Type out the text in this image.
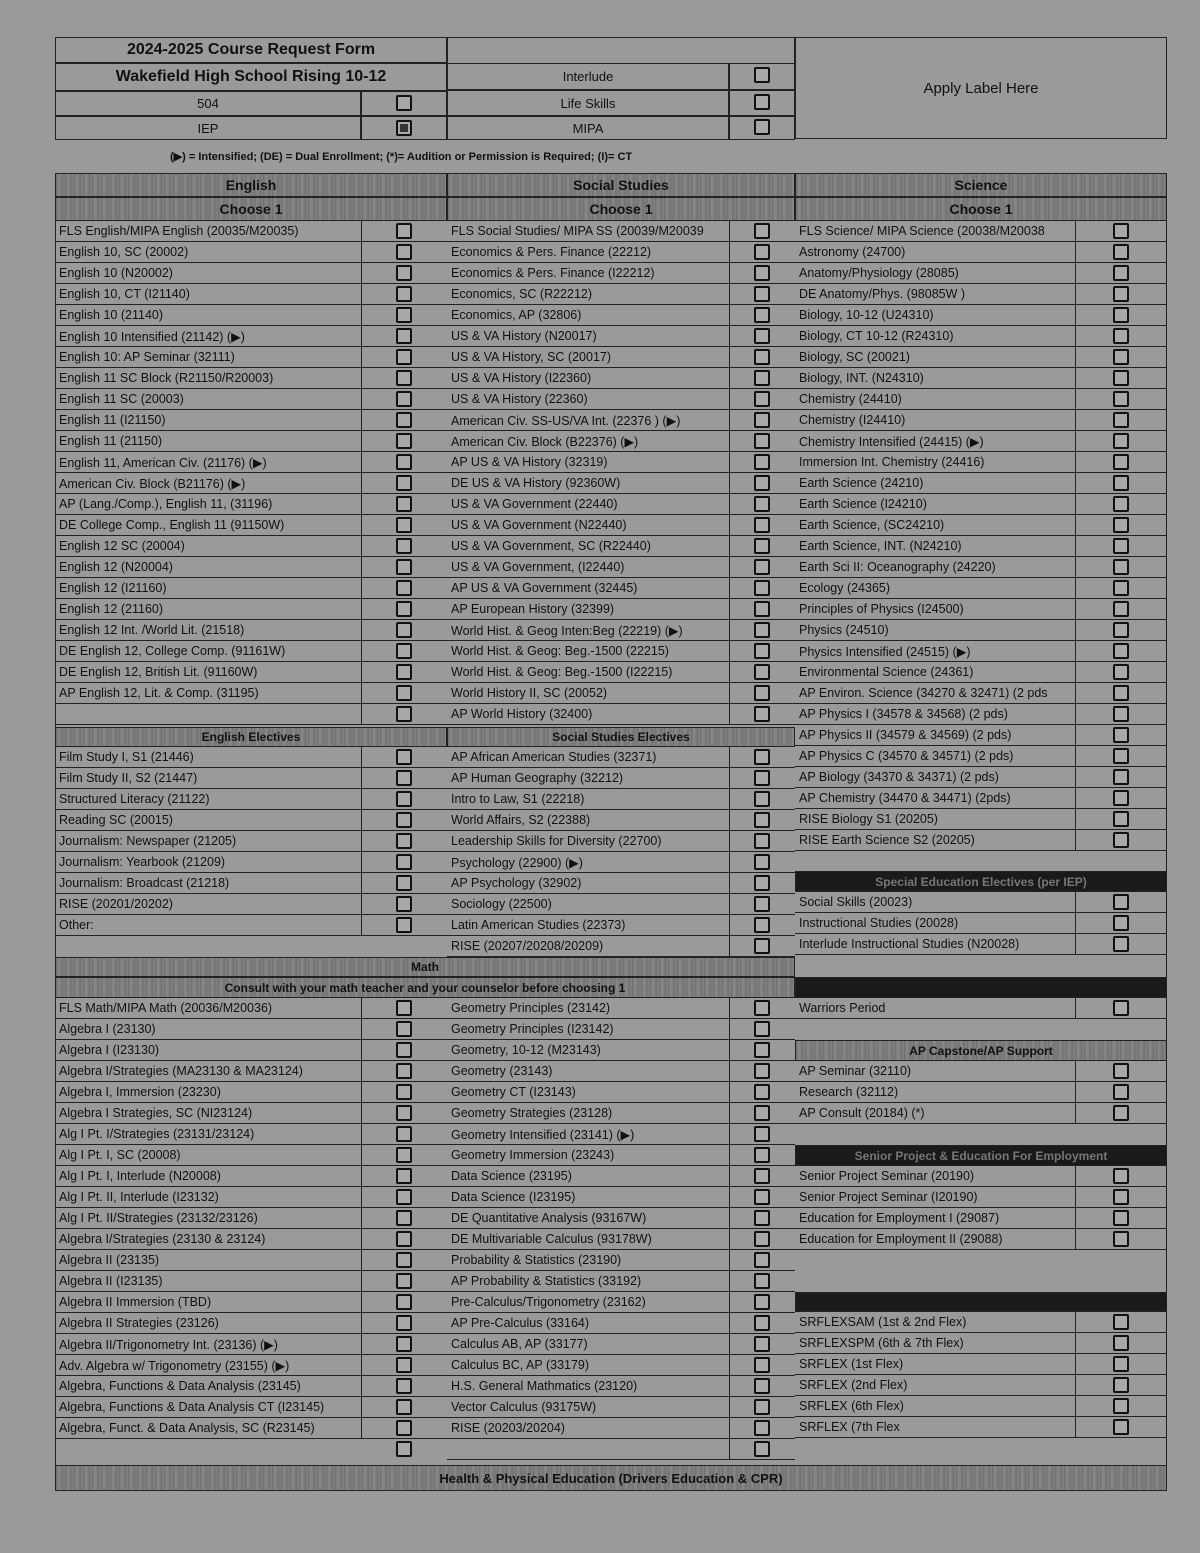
2024-2025 Course Request Form
Wakefield High School Rising 10-12
504
IEP
Interlude
Life Skills
MIPA
Apply Label Here
(▶) = Intensified; (DE) = Dual Enrollment; (*)= Audition or Permission is Required; (I)= CT
English
Choose 1
Social Studies
Choose 1
Science
Choose 1
English Electives	Social Studies Electives
Special Education Electives (per IEP)
Math
Consult with your math teacher and your counselor before choosing 1
AP Capstone/AP Support
Senior Project & Education For Employment
Health & Physical Education (Drivers Education & CPR)
FLS English/MIPA English (20035/M20035)
English 10, SC (20002)
English 10 (N20002)
English 10, CT (I21140)
English 10 (21140)
English 10 Intensified (21142) (▶)
English 10: AP Seminar (32111)
English 11 SC Block (R21150/R20003)
English 11 SC (20003)
English 11 (I21150)
English 11 (21150)
English 11, American Civ. (21176) (▶)
American Civ. Block (B21176) (▶)
AP (Lang./Comp.), English 11, (31196)
DE College Comp., English 11 (91150W)
English 12 SC (20004)
English 12 (N20004)
English 12 (I21160)
English 12 (21160)
English 12 Int. /World Lit. (21518)
DE English 12, College Comp. (91161W)
DE English 12, British Lit. (91160W)
AP English 12, Lit. & Comp. (31195)
Film Study I, S1 (21446)
Film Study II, S2 (21447)
Structured Literacy (21122)
Reading SC (20015)
Journalism: Newspaper (21205)
Journalism: Yearbook (21209)
Journalism: Broadcast (21218)
RISE (20201/20202)
Other:
FLS Social Studies/ MIPA SS (20039/M20039
Economics & Pers. Finance (22212)
Economics & Pers. Finance (I22212)
Economics, SC (R22212)
Economics, AP (32806)
US & VA History (N20017)
US & VA History, SC (20017)
US & VA History (I22360)
US & VA History (22360)
American Civ. SS-US/VA Int. (22376 ) (▶)
American Civ. Block (B22376) (▶)
AP US & VA History (32319)
DE US & VA History (92360W)
US & VA Government (22440)
US & VA Government (N22440)
US & VA Government, SC (R22440)
US & VA Government, (I22440)
AP US & VA Government (32445)
AP European History (32399)
World Hist. & Geog Inten:Beg (22219) (▶)
World Hist. & Geog: Beg.-1500 (22215)
World Hist. & Geog: Beg.-1500 (I22215)
World History II, SC (20052)
AP World History (32400)
AP African American Studies (32371)
AP Human Geography (32212)
Intro to Law, S1 (22218)
World Affairs, S2 (22388)
Leadership Skills for Diversity (22700)
Psychology (22900) (▶)
AP Psychology (32902)
Sociology (22500)
Latin American Studies (22373)
RISE (20207/20208/20209)
FLS Science/ MIPA Science (20038/M20038
Astronomy (24700)
Anatomy/Physiology (28085)
DE Anatomy/Phys. (98085W )
Biology, 10-12 (U24310)
Biology, CT 10-12 (R24310)
Biology, SC (20021)
Biology, INT. (N24310)
Chemistry (24410)
Chemistry (I24410)
Chemistry Intensified (24415) (▶)
Immersion Int. Chemistry (24416)
Earth Science (24210)
Earth Science (I24210)
Earth Science, (SC24210)
Earth Science, INT. (N24210)
Earth Sci II: Oceanography (24220)
Ecology (24365)
Principles of Physics (I24500)
Physics (24510)
Physics Intensified (24515) (▶)
Environmental Science (24361)
AP Environ. Science (34270 & 32471) (2 pds
AP Physics I (34578 & 34568) (2 pds)
AP Physics II (34579 & 34569) (2 pds)
AP Physics C (34570 & 34571) (2 pds)
AP Biology (34370 & 34371) (2 pds)
AP Chemistry (34470 & 34471) (2pds)
RISE Biology S1 (20205)
RISE Earth Science S2 (20205)
Social Skills (20023)
Instructional Studies (20028)
Interlude Instructional Studies (N20028)
Warriors Period
AP Seminar (32110)
Research (32112)
AP Consult (20184) (*)
Senior Project Seminar (20190)
Senior Project Seminar (I20190)
Education for Employment I (29087)
Education for Employment II (29088)
SRFLEXSAM (1st & 2nd Flex)
SRFLEXSPM (6th & 7th Flex)
SRFLEX (1st Flex)
SRFLEX (2nd Flex)
SRFLEX (6th Flex)
SRFLEX (7th Flex
FLS Math/MIPA Math (20036/M20036)
Algebra I (23130)
Algebra I (I23130)
Algebra I/Strategies (MA23130 & MA23124)
Algebra I, Immersion (23230)
Algebra I Strategies, SC (NI23124)
Alg I Pt. I/Strategies (23131/23124)
Alg I Pt. I, SC (20008)
Alg I Pt. I, Interlude (N20008)
Alg I Pt. II, Interlude (I23132)
Alg I Pt. II/Strategies (23132/23126)
Algebra I/Strategies (23130 & 23124)
Algebra II (23135)
Algebra II (I23135)
Algebra II Immersion (TBD)
Algebra II Strategies (23126)
Algebra II/Trigonometry Int. (23136) (▶)
Adv. Algebra w/ Trigonometry (23155) (▶)
Algebra, Functions & Data Analysis (23145)
Algebra, Functions & Data Analysis CT (I23145)
Algebra, Funct. & Data Analysis, SC (R23145)
Geometry Principles (23142)
Geometry Principles (I23142)
Geometry, 10-12 (M23143)
Geometry (23143)
Geometry CT (I23143)
Geometry Strategies (23128)
Geometry Intensified (23141) (▶)
Geometry Immersion (23243)
Data Science (23195)
Data Science (I23195)
DE Quantitative Analysis (93167W)
DE Multivariable Calculus (93178W)
Probability & Statistics (23190)
AP Probability & Statistics (33192)
Pre-Calculus/Trigonometry (23162)
AP Pre-Calculus (33164)
Calculus AB, AP (33177)
Calculus BC, AP (33179)
H.S. General Mathmatics (23120)
Vector Calculus (93175W)
RISE (20203/20204)
